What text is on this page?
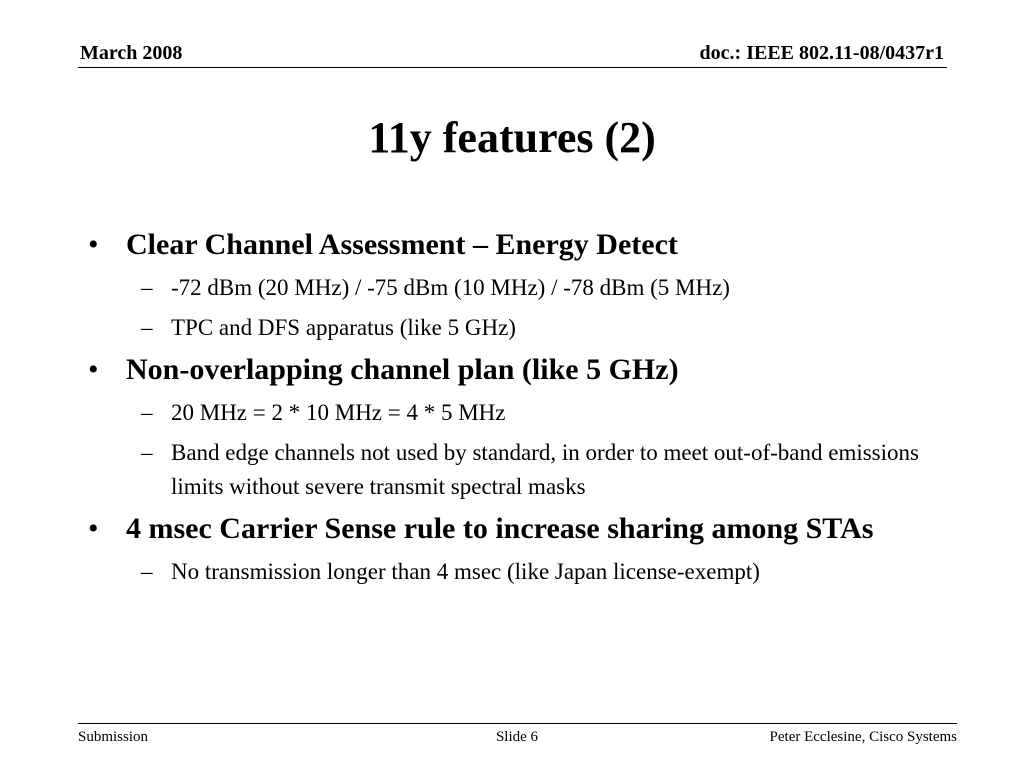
March 2008	doc.: IEEE 802.11-08/0437r1
11y features (2)
• Clear Channel Assessment – Energy Detect
– -72 dBm (20 MHz) / -75 dBm (10 MHz) / -78 dBm (5 MHz)
– TPC and DFS apparatus (like 5 GHz)
• Non-overlapping channel plan (like 5 GHz)
– 20 MHz = 2 * 10 MHz = 4 * 5 MHz
– Band edge channels not used by standard, in order to meet out-of-band emissions limits without severe transmit spectral masks
• 4 msec Carrier Sense rule to increase sharing among STAs
– No transmission longer than 4 msec (like Japan license-exempt)
Submission	Slide 6	Peter Ecclesine, Cisco Systems
